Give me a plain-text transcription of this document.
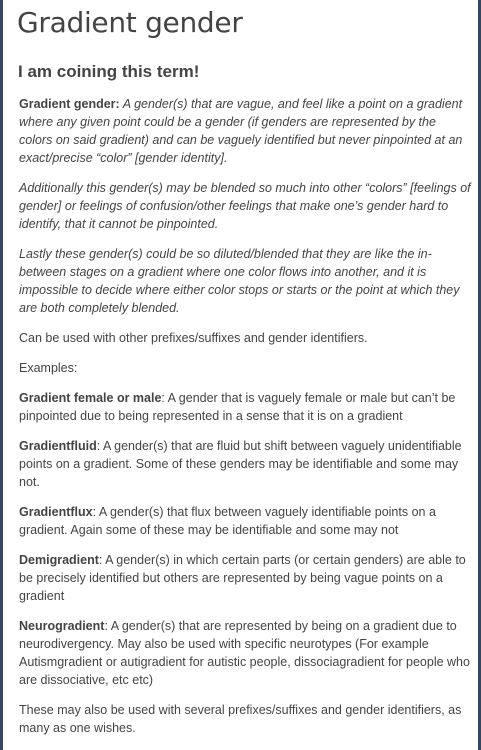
Gradient gender
I am coining this term!

Gradient gender: A gender(s) that are vague, and feel like a point on a gradient where any given point could be a gender (if genders are represented by the colors on said gradient) and can be vaguely identified but never pinpointed at an exact/precise “color” [gender identity].

Additionally this gender(s) may be blended so much into other “colors” [feelings of gender] or feelings of confusion/other feelings that make one’s gender hard to identify, that it cannot be pinpointed.

Lastly these gender(s) could be so diluted/blended that they are like the in-between stages on a gradient where one color flows into another, and it is impossible to decide where either color stops or starts or the point at which they are both completely blended.

Can be used with other prefixes/suffixes and gender identifiers.

Examples:

Gradient female or male: A gender that is vaguely female or male but can’t be pinpointed due to being represented in a sense that it is on a gradient

Gradientfluid: A gender(s) that are fluid but shift between vaguely unidentifiable points on a gradient. Some of these genders may be identifiable and some may not.

Gradientflux: A gender(s) that flux between vaguely identifiable points on a gradient. Again some of these may be identifiable and some may not

Demigradient: A gender(s) in which certain parts (or certain genders) are able to be precisely identified but others are represented by being vague points on a gradient

Neurogradient: A gender(s) that are represented by being on a gradient due to neurodivergency. May also be used with specific neurotypes (For example Autismgradient or autigradient for autistic people, dissociagradient for people who are dissociative, etc etc)

These may also be used with several prefixes/suffixes and gender identifiers, as many as one wishes.
